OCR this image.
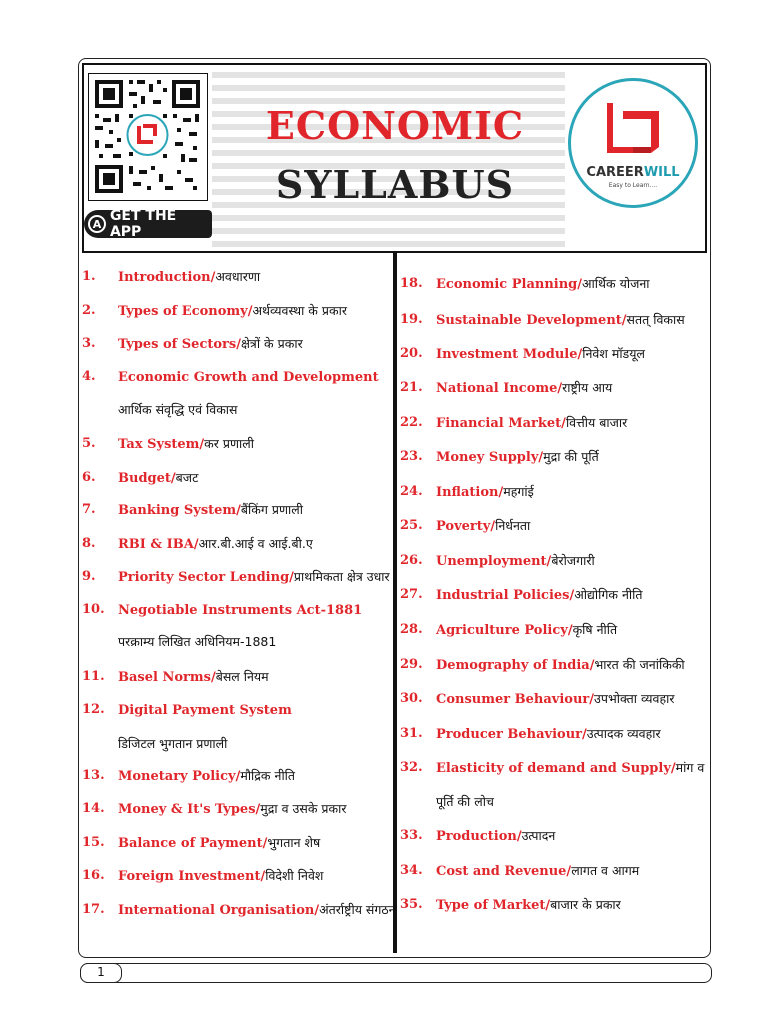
A GET THE APP
ECONOMIC
SYLLABUS	CAREERWILL
Easy to Learn....
1. Introduction/अवधारणा
2. Types of Economy/अर्थव्यवस्था के प्रकार
3. Types of Sectors/क्षेत्रों के प्रकार
4. Economic Growth and Development
आर्थिक संवृद्धि एवं विकास
5. Tax System/कर प्रणाली
6. Budget/बजट
7. Banking System/बैंकिंग प्रणाली
8. RBI & IBA/आर.बी.आई व आई.बी.ए
9. Priority Sector Lending/प्राथमिकता क्षेत्र उधार
10. Negotiable Instruments Act-1881
परक्राम्य लिखित अधिनियम-1881
11. Basel Norms/बेसल नियम
12. Digital Payment System
डिजिटल भुगतान प्रणाली
13. Monetary Policy/मौद्रिक नीति
14. Money & It's Types/मुद्रा व उसके प्रकार
15. Balance of Payment/भुगतान शेष
16. Foreign Investment/विदेशी निवेश
17. International Organisation/अंतर्राष्ट्रीय संगठन
18. Economic Planning/आर्थिक योजना
19. Sustainable Development/सतत् विकास
20. Investment Module/निवेश मॉडयूल
21. National Income/राष्ट्रीय आय
22. Financial Market/वित्तीय बाजार
23. Money Supply/मुद्रा की पूर्ति
24. Inflation/महगांई
25. Poverty/निर्धनता
26. Unemployment/बेरोजगारी
27. Industrial Policies/ओद्योगिक नीति
28. Agriculture Policy/कृषि नीति
29. Demography of India/भारत की जनांकिकी
30. Consumer Behaviour/उपभोक्ता व्यवहार
31. Producer Behaviour/उत्पादक व्यवहार
32. Elasticity of demand and Supply/मांग व
पूर्ति की लोच
33. Production/उत्पादन
34. Cost and Revenue/लागत व आगम
35. Type of Market/बाजार के प्रकार
1
